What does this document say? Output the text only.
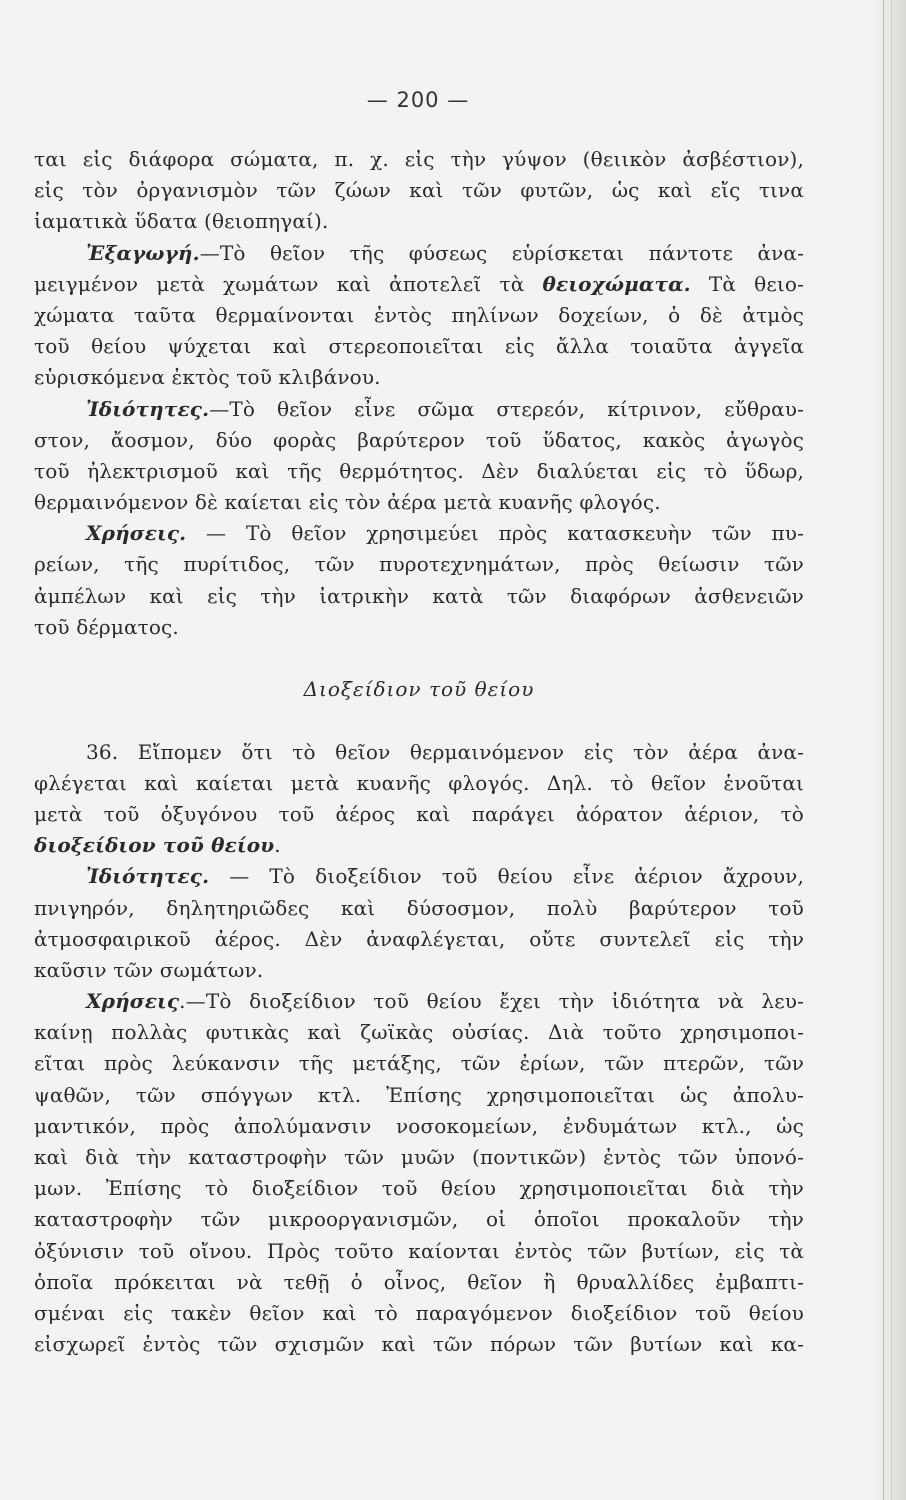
— 200 —
ται εἰς διάφορα σώματα, π. χ. εἰς τὴν γύψον (θειικὸν ἀσβέστιον),
εἰς τὸν ὀργανισμὸν τῶν ζώων καὶ τῶν φυτῶν, ὡς καὶ εἴς τινα
ἰαματικὰ ὕδατα (θειοπηγαί).
Ἐξαγωγή.—Τὸ θεῖον τῆς φύσεως εὑρίσκεται πάντοτε ἀνα-
μειγμένον μετὰ χωμάτων καὶ ἀποτελεῖ τὰ θειοχώματα. Τὰ θειο-
χώματα ταῦτα θερμαίνονται ἐντὸς πηλίνων δοχείων, ὁ δὲ ἀτμὸς
τοῦ θείου ψύχεται καὶ στερεοποιεῖται εἰς ἄλλα τοιαῦτα ἀγγεῖα
εὑρισκόμενα ἐκτὸς τοῦ κλιβάνου.
Ἰδιότητες.—Τὸ θεῖον εἶνε σῶμα στερεόν, κίτρινον, εὔθραυ-
στον, ἄοσμον, δύο φορὰς βαρύτερον τοῦ ὕδατος, κακὸς ἀγωγὸς
τοῦ ἠλεκτρισμοῦ καὶ τῆς θερμότητος. Δὲν διαλύεται εἰς τὸ ὕδωρ,
θερμαινόμενον δὲ καίεται εἰς τὸν ἀέρα μετὰ κυανῆς φλογός.
Χρήσεις. — Τὸ θεῖον χρησιμεύει πρὸς κατασκευὴν τῶν πυ-
ρείων, τῆς πυρίτιδος, τῶν πυροτεχνημάτων, πρὸς θείωσιν τῶν
ἀμπέλων καὶ εἰς τὴν ἰατρικὴν κατὰ τῶν διαφόρων ἀσθενειῶν
τοῦ δέρματος.
Διοξείδιον τοῦ θείου
36. Εἴπομεν ὅτι τὸ θεῖον θερμαινόμενον εἰς τὸν ἀέρα ἀνα-
φλέγεται καὶ καίεται μετὰ κυανῆς φλογός. Δηλ. τὸ θεῖον ἑνοῦται
μετὰ τοῦ ὀξυγόνου τοῦ ἀέρος καὶ παράγει ἀόρατον ἀέριον, τὸ
διοξείδιον τοῦ θείου.
Ἰδιότητες. — Τὸ διοξείδιον τοῦ θείου εἶνε ἀέριον ἄχρουν,
πνιγηρόν, δηλητηριῶδες καὶ δύσοσμον, πολὺ βαρύτερον τοῦ
ἀτμοσφαιρικοῦ ἀέρος. Δὲν ἀναφλέγεται, οὔτε συντελεῖ εἰς τὴν
καῦσιν τῶν σωμάτων.
Χρήσεις.—Τὸ διοξείδιον τοῦ θείου ἔχει τὴν ἰδιότητα νὰ λευ-
καίνῃ πολλὰς φυτικὰς καὶ ζωϊκὰς οὐσίας. Διὰ τοῦτο χρησιμοποι-
εῖται πρὸς λεύκανσιν τῆς μετάξης, τῶν ἐρίων, τῶν πτερῶν, τῶν
ψαθῶν, τῶν σπόγγων κτλ. Ἐπίσης χρησιμοποιεῖται ὡς ἀπολυ-
μαντικόν, πρὸς ἀπολύμανσιν νοσοκομείων, ἐνδυμάτων κτλ., ὡς
καὶ διὰ τὴν καταστροφὴν τῶν μυῶν (ποντικῶν) ἐντὸς τῶν ὑπονό-
μων. Ἐπίσης τὸ διοξείδιον τοῦ θείου χρησιμοποιεῖται διὰ τὴν
καταστροφὴν τῶν μικροοργανισμῶν, οἱ ὁποῖοι προκαλοῦν τὴν
ὀξύνισιν τοῦ οἴνου. Πρὸς τοῦτο καίονται ἐντὸς τῶν βυτίων, εἰς τὰ
ὁποῖα πρόκειται νὰ τεθῇ ὁ οἶνος, θεῖον ἢ θρυαλλίδες ἐμβαπτι-
σμέναι εἰς τακὲν θεῖον καὶ τὸ παραγόμενον διοξείδιον τοῦ θείου
εἰσχωρεῖ ἐντὸς τῶν σχισμῶν καὶ τῶν πόρων τῶν βυτίων καὶ κα-
